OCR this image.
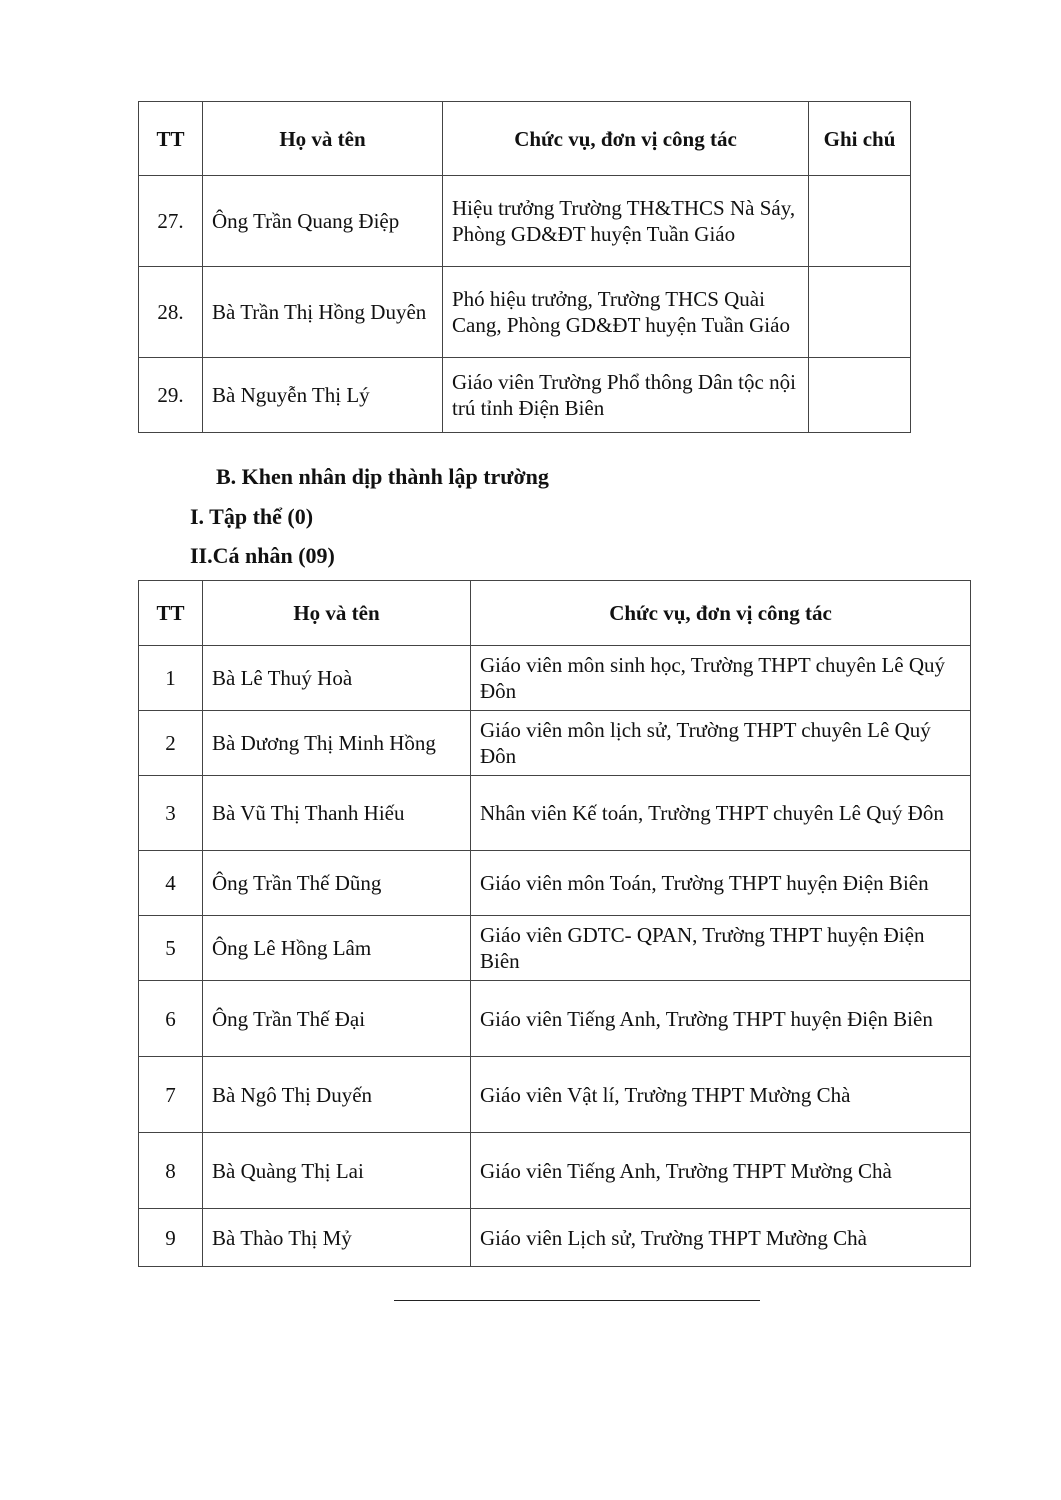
TT	Họ và tên	Chức vụ, đơn vị công tác	Ghi chú
27.	Ông Trần Quang Điệp	Hiệu trưởng Trường TH&THCS Nà Sáy, Phòng GD&ĐT huyện Tuần Giáo	
28.	Bà Trần Thị Hồng Duyên	Phó hiệu trưởng, Trường THCS Quài Cang, Phòng GD&ĐT huyện Tuần Giáo	
29.	Bà Nguyễn Thị Lý	Giáo viên Trường Phổ thông Dân tộc nội trú tỉnh Điện Biên	
B. Khen nhân dịp thành lập trường
I. Tập thể (0)
II.Cá nhân (09)
TT	Họ và tên	Chức vụ, đơn vị công tác
1	Bà Lê Thuý Hoà	Giáo viên môn sinh học, Trường THPT chuyên Lê Quý Đôn
2	Bà Dương Thị Minh Hồng	Giáo viên môn lịch sử, Trường THPT chuyên Lê Quý Đôn
3	Bà Vũ Thị Thanh Hiếu	Nhân viên Kế toán, Trường THPT chuyên Lê Quý Đôn
4	Ông Trần Thế Dũng	Giáo viên môn Toán, Trường THPT huyện Điện Biên
5	Ông Lê Hồng Lâm	Giáo viên GDTC- QPAN, Trường THPT huyện Điện Biên
6	Ông Trần Thế Đại	Giáo viên Tiếng Anh, Trường THPT huyện Điện Biên
7	Bà Ngô Thị Duyến	Giáo viên Vật lí, Trường THPT Mường Chà
8	Bà Quàng Thị Lai	Giáo viên Tiếng Anh, Trường THPT Mường Chà
9	Bà Thào Thị Mỷ	Giáo viên Lịch sử, Trường THPT Mường Chà
